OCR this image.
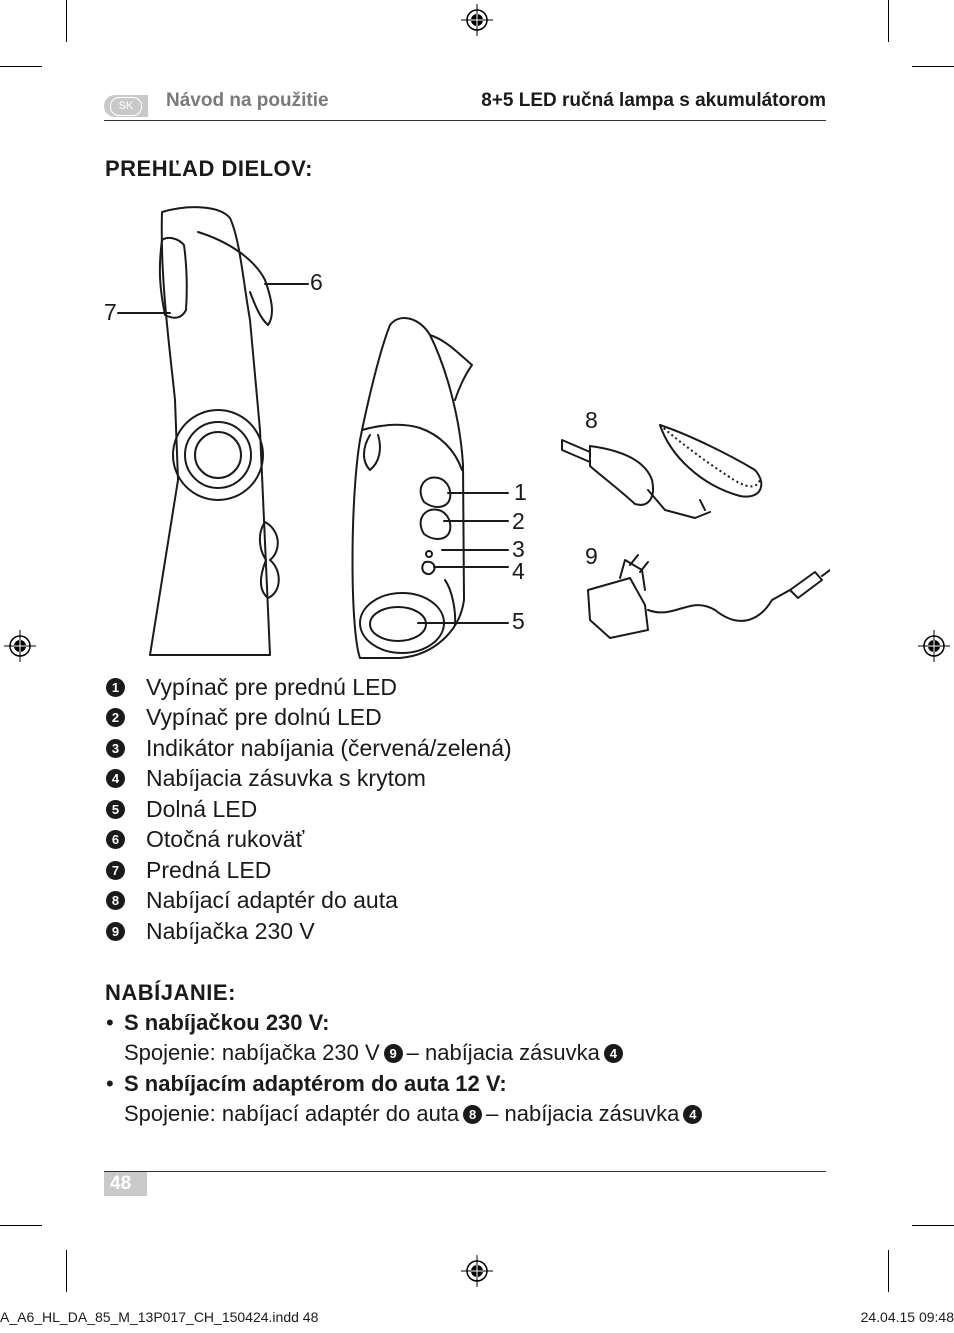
SK	Návod na použitie	8+5 LED ručná lampa s akumulátorom
PREHĽAD DIELOV:
6
7
8
1
2
3
4
5
9
1 Vypínač pre prednú LED
2 Vypínač pre dolnú LED
3 Indikátor nabíjania (červená/zelená)
4 Nabíjacia zásuvka s krytom
5 Dolná LED
6 Otočná rukoväť
7 Predná LED
8 Nabíjací adaptér do auta
9 Nabíjačka 230 V
NABÍJANIE:
• S nabíjačkou 230 V:
Spojenie: nabíjačka 230 V 9 – nabíjacia zásuvka 4
• S nabíjacím adaptérom do auta 12 V:
Spojenie: nabíjací adaptér do auta 8 – nabíjacia zásuvka 4
48
A_A6_HL_DA_85_M_13P017_CH_150424.indd 48	24.04.15 09:48
